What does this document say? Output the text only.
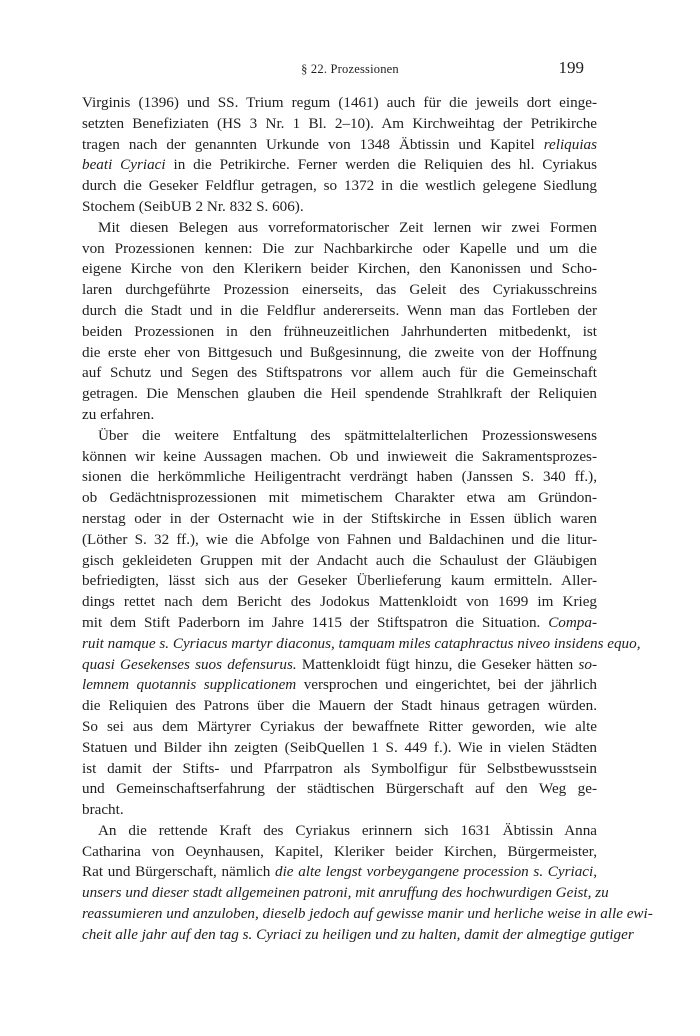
§ 22. Prozessionen	199
Virginis (1396) und SS. Trium regum (1461) auch für die jeweils dort einge-
setzten Benefiziaten (HS 3 Nr. 1 Bl. 2–10). Am Kirchweihtag der Petrikirche
tragen nach der genannten Urkunde von 1348 Äbtissin und Kapitel reliquias
beati Cyriaci in die Petrikirche. Ferner werden die Reliquien des hl. Cyriakus
durch die Geseker Feldflur getragen, so 1372 in die westlich gelegene Siedlung
Stochem (SeibUB 2 Nr. 832 S. 606).
Mit diesen Belegen aus vorreformatorischer Zeit lernen wir zwei Formen
von Prozessionen kennen: Die zur Nachbarkirche oder Kapelle und um die
eigene Kirche von den Klerikern beider Kirchen, den Kanonissen und Scho-
laren durchgeführte Prozession einerseits, das Geleit des Cyriakusschreins
durch die Stadt und in die Feldflur andererseits. Wenn man das Fortleben der
beiden Prozessionen in den frühneuzeitlichen Jahrhunderten mitbedenkt, ist
die erste eher von Bittgesuch und Bußgesinnung, die zweite von der Hoffnung
auf Schutz und Segen des Stiftspatrons vor allem auch für die Gemeinschaft
getragen. Die Menschen glauben die Heil spendende Strahlkraft der Reliquien
zu erfahren.
Über die weitere Entfaltung des spätmittelalterlichen Prozessionswesens
können wir keine Aussagen machen. Ob und inwieweit die Sakramentsprozes-
sionen die herkömmliche Heiligentracht verdrängt haben (Janssen S. 340 ff.),
ob Gedächtnisprozessionen mit mimetischem Charakter etwa am Gründon-
nerstag oder in der Osternacht wie in der Stiftskirche in Essen üblich waren
(Löther S. 32 ff.), wie die Abfolge von Fahnen und Baldachinen und die litur-
gisch gekleideten Gruppen mit der Andacht auch die Schaulust der Gläubigen
befriedigten, lässt sich aus der Geseker Überlieferung kaum ermitteln. Aller-
dings rettet nach dem Bericht des Jodokus Mattenkloidt von 1699 im Krieg
mit dem Stift Paderborn im Jahre 1415 der Stiftspatron die Situation. Compa-
ruit namque s. Cyriacus martyr diaconus, tamquam miles cataphractus niveo insidens equo,
quasi Gesekenses suos defensurus. Mattenkloidt fügt hinzu, die Geseker hätten so-
lemnem quotannis supplicationem versprochen und eingerichtet, bei der jährlich
die Reliquien des Patrons über die Mauern der Stadt hinaus getragen würden.
So sei aus dem Märtyrer Cyriakus der bewaffnete Ritter geworden, wie alte
Statuen und Bilder ihn zeigten (SeibQuellen 1 S. 449 f.). Wie in vielen Städten
ist damit der Stifts- und Pfarrpatron als Symbolfigur für Selbstbewusstsein
und Gemeinschaftserfahrung der städtischen Bürgerschaft auf den Weg ge-
bracht.
An die rettende Kraft des Cyriakus erinnern sich 1631 Äbtissin Anna
Catharina von Oeynhausen, Kapitel, Kleriker beider Kirchen, Bürgermeister,
Rat und Bürgerschaft, nämlich die alte lengst vorbeygangene procession s. Cyriaci,
unsers und dieser stadt allgemeinen patroni, mit anruffung des hochwurdigen Geist, zu
reassumieren und anzuloben, dieselb jedoch auf gewisse manir und herliche weise in alle ewi-
cheit alle jahr auf den tag s. Cyriaci zu heiligen und zu halten, damit der almegtige gutiger
